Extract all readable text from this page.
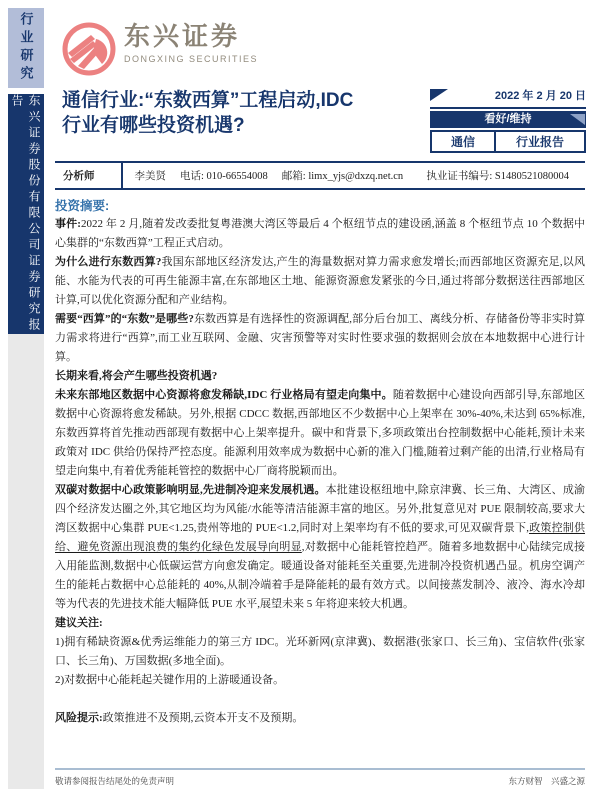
行业研究
东兴证券股份有限公司证券研究报告
东兴证券
DONGXING SECURITIES
通信行业:“东数西算”工程启动,IDC
行业有哪些投资机遇?
2022 年 2 月 20 日
看好/维持
通信	行业报告
分析师	李美贤 电话: 010-66554008 邮箱: limx_yjs@dxzq.net.cn 执业证书编号: S1480521080004
投资摘要:

事件:2022 年 2 月,随着发改委批复粤港澳大湾区等最后 4 个枢纽节点的建设函,涵盖 8 个枢纽节点 10 个数据中心集群的“东数西算”工程正式启动。

为什么进行东数西算?我国东部地区经济发达,产生的海量数据对算力需求愈发增长;而西部地区资源充足,以风能、水能为代表的可再生能源丰富,在东部地区土地、能源资源愈发紧张的今日,通过将部分数据送往西部地区计算,可以优化资源分配和产业结构。

需要“西算”的“东数”是哪些?东数西算是有选择性的资源调配,部分后台加工、离线分析、存储备份等非实时算力需求将进行“西算”,而工业互联网、金融、灾害预警等对实时性要求强的数据则会放在本地数据中心进行计算。

长期来看,将会产生哪些投资机遇?

未来东部地区数据中心资源将愈发稀缺,IDC 行业格局有望走向集中。随着数据中心建设向西部引导,东部地区数据中心资源将愈发稀缺。另外,根据 CDCC 数据,西部地区不少数据中心上架率在 30%-40%,未达到 65%标准,东数西算将首先推动西部现有数据中心上架率提升。碳中和背景下,多项政策出台控制数据中心能耗,预计未来政策对 IDC 供给仍保持严控态度。能源利用效率成为数据中心新的准入门槛,随着过剩产能的出清,行业格局有望走向集中,有着优秀能耗管控的数据中心厂商将脱颖而出。

双碳对数据中心政策影响明显,先进制冷迎来发展机遇。本批建设枢纽地中,除京津冀、长三角、大湾区、成渝四个经济发达圈之外,其它地区均为风能/水能等清洁能源丰富的地区。另外,批复意见对 PUE 限制较高,要求大湾区数据中心集群 PUE<1.25,贵州等地的 PUE<1.2,同时对上架率均有不低的要求,可见双碳背景下,政策控制供给、避免资源出现浪费的集约化绿色发展导向明显,对数据中心能耗管控趋严。随着多地数据中心陆续完成接入用能监测,数据中心低碳运营方向愈发确定。暖通设备对能耗至关重要,先进制冷投资机遇凸显。机房空调产生的能耗占数据中心总能耗的 40%,从制冷端着手是降能耗的最有效方式。以间接蒸发制冷、液冷、海水冷却等为代表的先进技术能大幅降低 PUE 水平,展望未来 5 年将迎来较大机遇。

建议关注:

1)拥有稀缺资源&优秀运维能力的第三方 IDC。光环新网(京津冀)、数据港(张家口、长三角)、宝信软件(张家口、长三角)、万国数据(多地全面)。

2)对数据中心能耗起关键作用的上游暖通设备。

风险提示:政策推进不及预期,云资本开支不及预期。

敬请参阅报告结尾处的免责声明	东方财智　兴盛之源
